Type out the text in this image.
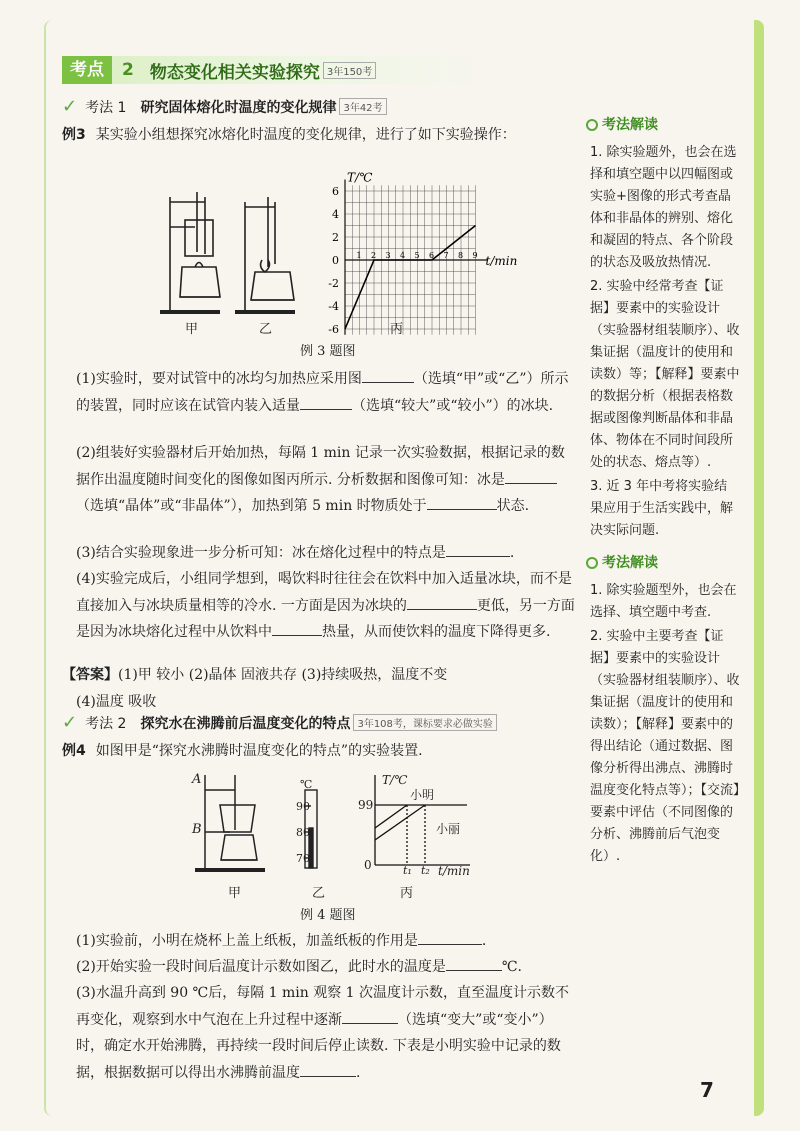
考点	2 物态变化相关实验探究 3年150考
✓ 考法 1 研究固体熔化时温度的变化规律 3年42考
例3 某实验小组想探究冰熔化时温度的变化规律，进行了如下实验操作：
-6
-4
-2
0
2
4
6
1 2 3 4 5 6 7 8 9 t/min
T/℃
甲	乙	丙
例 3 题图
(1)实验时，要对试管中的冰均匀加热应采用图	（选填“甲”或“乙”）所示的装置，同时应该在试管内装入适量	（选填“较大”或“较小”）的冰块.
(2)组装好实验器材后开始加热，每隔 1 min 记录一次实验数据，根据记录的数据作出温度随时间变化的图像如图丙所示. 分析数据和图像可知：冰是（选填“晶体”或“非晶体”），加热到第 5 min 时物质处于	状态.
(3)结合实验现象进一步分析可知：冰在熔化过程中的特点是	.
(4)实验完成后，小组同学想到，喝饮料时往往会在饮料中加入适量冰块，而不是直接加入与冰块质量相等的冷水. 一方面是因为冰块的	更低，另一方面是因为冰块熔化过程中从饮料中	热量，从而使饮料的温度下降得更多.
【答案】(1)甲 较小 (2)晶体 固液共存 (3)持续吸热，温度不变
(4)温度 吸收
✓ 考法 2 探究水在沸腾前后温度变化的特点 3年108考，课标要求必做实验
例4 如图甲是“探究水沸腾时温度变化的特点”的实验装置.
A
B
℃
90
80
70
T/℃
99
0	t₁ t₂ t/min
小明
小丽
甲	乙	丙
例 4 题图
(1)实验前，小明在烧杯上盖上纸板，加盖纸板的作用是	.
(2)开始实验一段时间后温度计示数如图乙，此时水的温度是	℃.
(3)水温升高到 90 ℃后，每隔 1 min 观察 1 次温度计示数，直至温度计示数不再变化，观察到水中气泡在上升过程中逐渐	（选填“变大”或“变小”）时，确定水开始沸腾，再持续一段时间后停止读数. 下表是小明实验中记录的数据，根据数据可以得出水沸腾前温度	.
考法解读
1. 除实验题外，也会在选择和填空题中以四幅图或实验+图像的形式考查晶体和非晶体的辨别、熔化和凝固的特点、各个阶段的状态及吸放热情况.
2. 实验中经常考查【证据】要素中的实验设计（实验器材组装顺序）、收集证据（温度计的使用和读数）等；【解释】要素中的数据分析（根据表格数据或图像判断晶体和非晶体、物体在不同时间段所处的状态、熔点等）.
3. 近 3 年中考将实验结果应用于生活实践中，解决实际问题.
考法解读
1. 除实验题型外，也会在选择、填空题中考查.
2. 实验中主要考查【证据】要素中的实验设计（实验器材组装顺序）、收集证据（温度计的使用和读数）；【解释】要素中的得出结论（通过数据、图像分析得出沸点、沸腾时温度变化特点等）；【交流】要素中评估（不同图像的分析、沸腾前后气泡变化）.
7
